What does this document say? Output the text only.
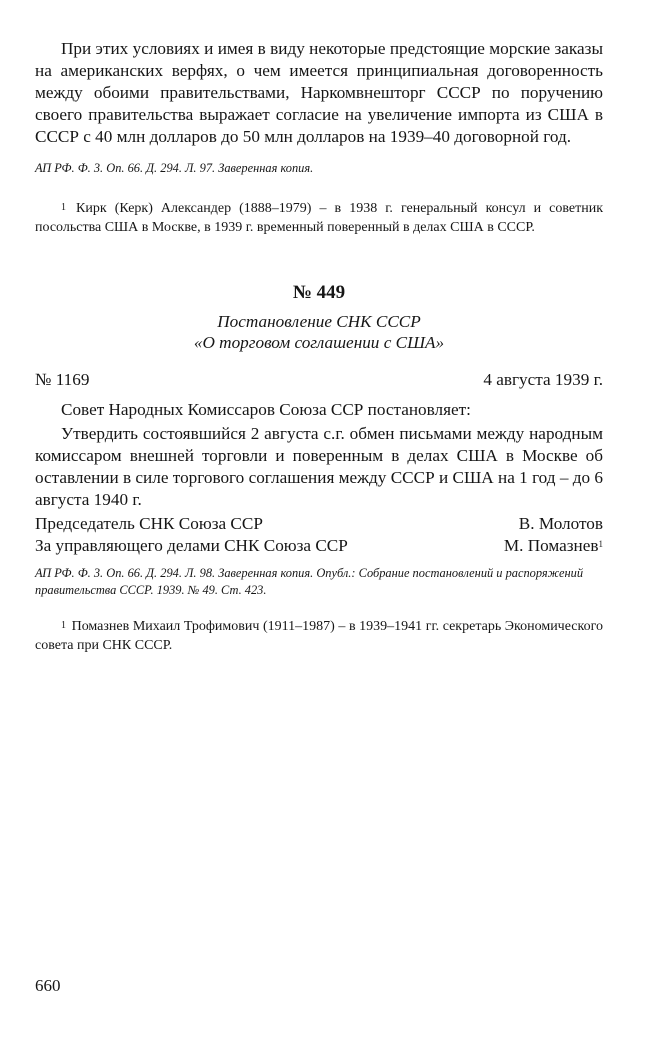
При этих условиях и имея в виду некоторые предстоящие морские заказы на американских верфях, о чем имеется принципиальная договоренность между обоими правительствами, Наркомвнешторг СССР по поручению своего правительства выражает согласие на увеличение импорта из США в СССР с 40 млн долларов до 50 млн долларов на 1939–40 договорной год.

АП РФ. Ф. 3. Оп. 66. Д. 294. Л. 97. Заверенная копия.

$^1$ Кирк (Керк) Александер (1888–1979) – в 1938 г. генеральный консул и советник посольства США в Москве, в 1939 г. временный поверенный в делах США в СССР.

№ 449

Постановление СНК СССР

«О торговом соглашении с США»

№ 1169	4 августа 1939 г.

Совет Народных Комиссаров Союза ССР постановляет:

Утвердить состоявшийся 2 августа с.г. обмен письмами между народным комиссаром внешней торговли и поверенным в делах США в Москве об оставлении в силе торгового соглашения между СССР и США на 1 год – до 6 августа 1940 г.

Председатель СНК Союза ССР	В. Молотов
За управляющего делами СНК Союза ССР	М. Помазнев$^1$

АП РФ. Ф. 3. Оп. 66. Д. 294. Л. 98. Заверенная копия. Опубл.: Собрание постановлений и распоряжений правительства СССР. 1939. № 49. Ст. 423.

$^1$ Помазнев Михаил Трофимович (1911–1987) – в 1939–1941 гг. секретарь Экономического совета при СНК СССР.

660
